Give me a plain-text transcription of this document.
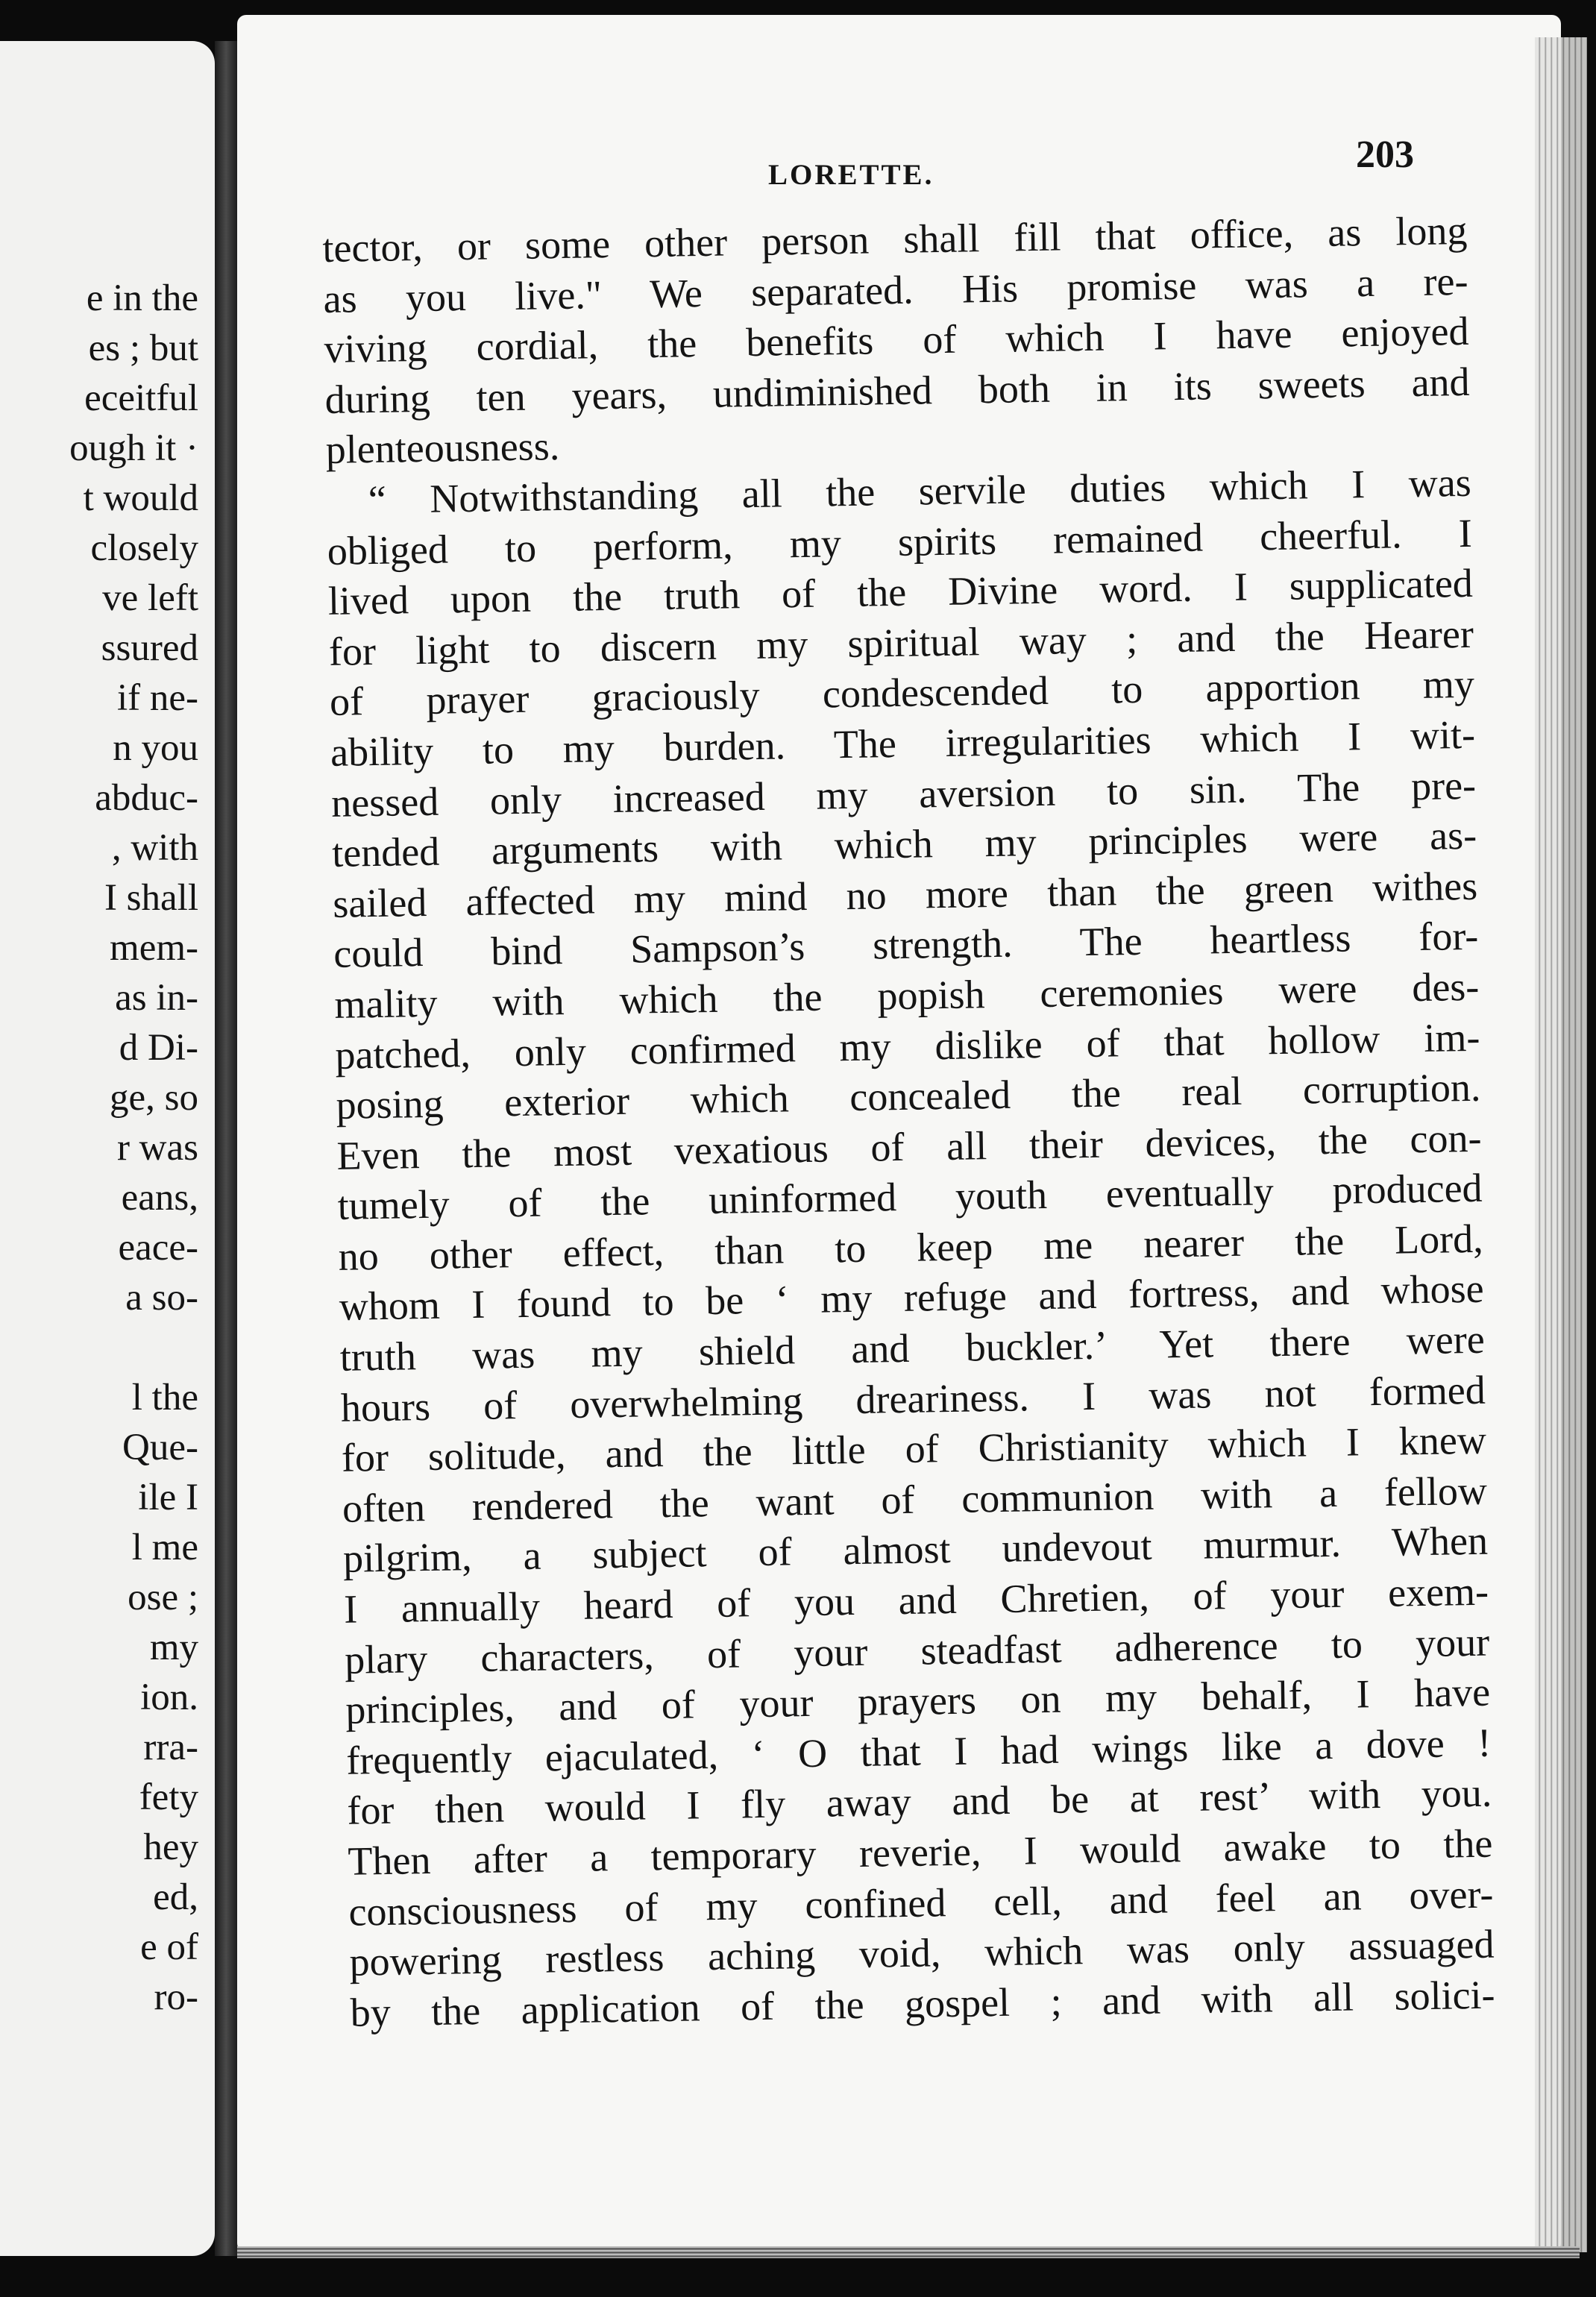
e in the
es ; but
eceitful
ough it ·
t would
closely
ve left
ssured
if ne-
n you
abduc-
, with
I shall
mem-
as in-
d Di-
ge, so
r was
eans,
eace-
a so-
l the
Que-
ile I
l me
ose ;
my
ion.
rra-
fety
hey
ed,
e of
ro-
LORETTE.	203
tector, or some other person shall fill that office, as long
as you live." We separated. His promise was a re-
viving cordial, the benefits of which I have enjoyed
during ten years, undiminished both in its sweets and
plenteousness.
“ Notwithstanding all the servile duties which I was
obliged to perform, my spirits remained cheerful. I
lived upon the truth of the Divine word. I supplicated
for light to discern my spiritual way ; and the Hearer
of prayer graciously condescended to apportion my
ability to my burden. The irregularities which I wit-
nessed only increased my aversion to sin. The pre-
tended arguments with which my principles were as-
sailed affected my mind no more than the green withes
could bind Sampson’s strength. The heartless for-
mality with which the popish ceremonies were des-
patched, only confirmed my dislike of that hollow im-
posing exterior which concealed the real corruption.
Even the most vexatious of all their devices, the con-
tumely of the uninformed youth eventually produced
no other effect, than to keep me nearer the Lord,
whom I found to be ‘ my refuge and fortress, and whose
truth was my shield and buckler.’ Yet there were
hours of overwhelming dreariness. I was not formed
for solitude, and the little of Christianity which I knew
often rendered the want of communion with a fellow
pilgrim, a subject of almost undevout murmur. When
I annually heard of you and Chretien, of your exem-
plary characters, of your steadfast adherence to your
principles, and of your prayers on my behalf, I have
frequently ejaculated, ‘ O that I had wings like a dove !
for then would I fly away and be at rest’ with you.
Then after a temporary reverie, I would awake to the
consciousness of my confined cell, and feel an over-
powering restless aching void, which was only assuaged
by the application of the gospel ; and with all solici-
